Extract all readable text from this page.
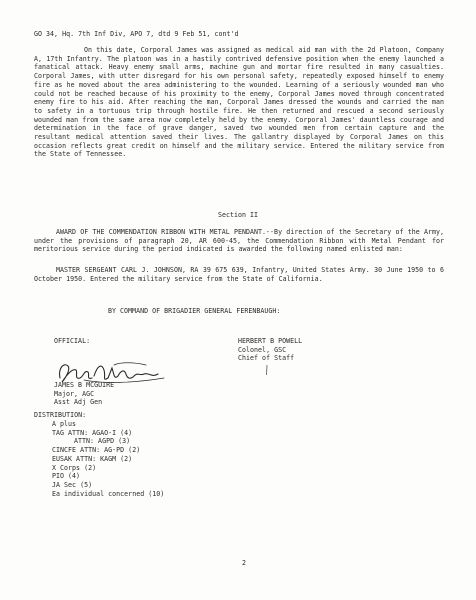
GO 34, Hq. 7th Inf Div, APO 7, dtd 9 Feb 51, cont'd
On this date, Corporal James was assigned as medical aid man with the 2d Platoon, Company A, 17th Infantry. The platoon was in a hastily contrived defensive position when the enemy launched a fanatical attack. Heavy enemy small arms, machine gun and mortar fire resulted in many casualties. Corporal James, with utter disregard for his own personal safety, repeatedly exposed himself to enemy fire as he moved about the area administering to the wounded. Learning of a seriously wounded man who could not be reached because of his proximity to the enemy, Corporal James moved through concentrated enemy fire to his aid. After reaching the man, Corporal James dressed the wounds and carried the man to safety in a tortuous trip through hostile fire. He then returned and rescued a second seriously wounded man from the same area now completely held by the enemy. Corporal James' dauntless courage and determination in the face of grave danger, saved two wounded men from certain capture and the resultant medical attention saved their lives. The gallantry displayed by Corporal James on this occasion reflects great credit on himself and the military service. Entered the military service from the State of Tennessee.
Section II
AWARD OF THE COMMENDATION RIBBON WITH METAL PENDANT.--By direction of the Secretary of the Army, under the provisions of paragraph 20, AR 600-45, the Commendation Ribbon with Metal Pendant for meritorious service during the period indicated is awarded the following named enlisted man:
MASTER SERGEANT CARL J. JOHNSON, RA 39 675 639, Infantry, United States Army. 30 June 1950 to 6 October 1950. Entered the military service from the State of California.
BY COMMAND OF BRIGADIER GENERAL FERENBAUGH:
OFFICIAL:	HERBERT B POWELL
Colonel, GSC
Chief of Staff
JAMES B MCGUIRE
Major, AGC
Asst Adj Gen
DISTRIBUTION:
A plus
TAG ATTN: AGAO-I (4)
ATTN: AGPD (3)
CINCFE ATTN: AG-PD (2)
EUSAK ATTN: KAGM (2)
X Corps (2)
PIO (4)
JA Sec (5)
Ea individual concerned (10)
2
